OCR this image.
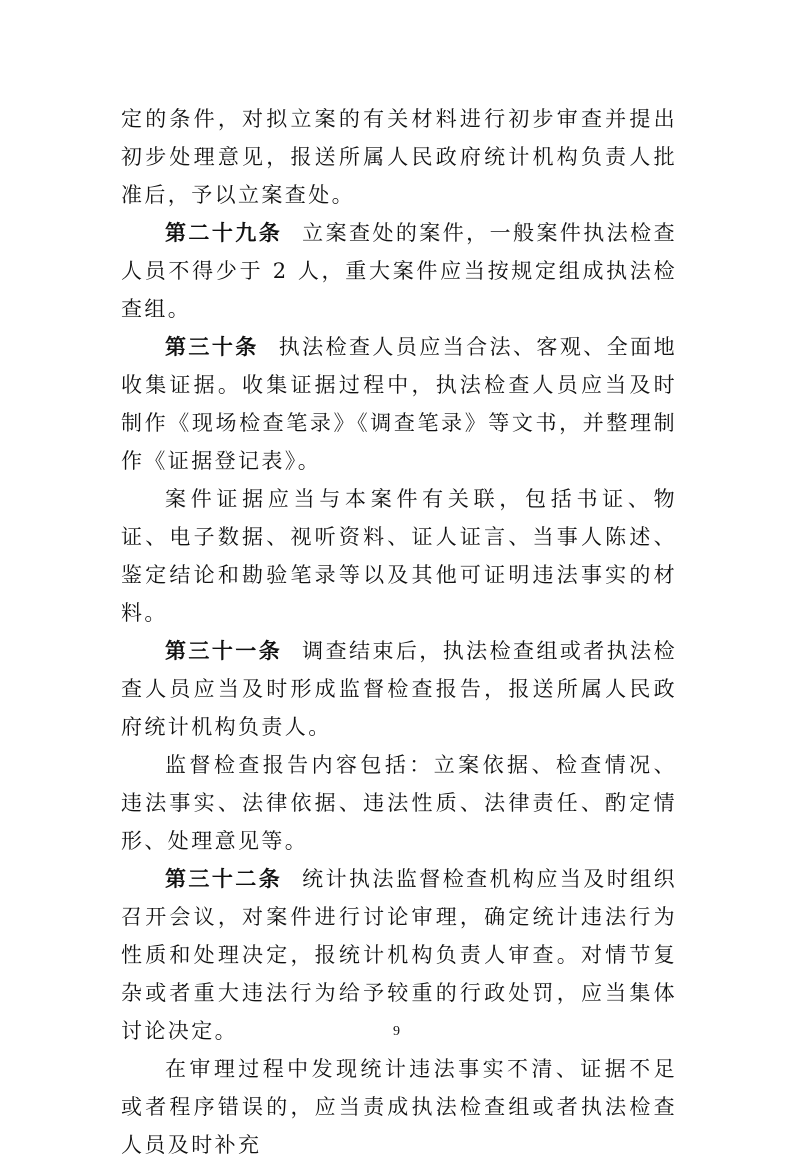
定的条件，对拟立案的有关材料进行初步审查并提出初步处理意见，报送所属人民政府统计机构负责人批准后，予以立案查处。

第二十九条 立案查处的案件，一般案件执法检查人员不得少于 2 人，重大案件应当按规定组成执法检查组。

第三十条 执法检查人员应当合法、客观、全面地收集证据。收集证据过程中，执法检查人员应当及时制作《现场检查笔录》《调查笔录》等文书，并整理制作《证据登记表》。

案件证据应当与本案件有关联，包括书证、物证、电子数据、视听资料、证人证言、当事人陈述、鉴定结论和勘验笔录等以及其他可证明违法事实的材料。

第三十一条 调查结束后，执法检查组或者执法检查人员应当及时形成监督检查报告，报送所属人民政府统计机构负责人。

监督检查报告内容包括：立案依据、检查情况、违法事实、法律依据、违法性质、法律责任、酌定情形、处理意见等。

第三十二条 统计执法监督检查机构应当及时组织召开会议，对案件进行讨论审理，确定统计违法行为性质和处理决定，报统计机构负责人审查。对情节复杂或者重大违法行为给予较重的行政处罚，应当集体讨论决定。

在审理过程中发现统计违法事实不清、证据不足或者程序错误的，应当责成执法检查组或者执法检查人员及时补充

9
